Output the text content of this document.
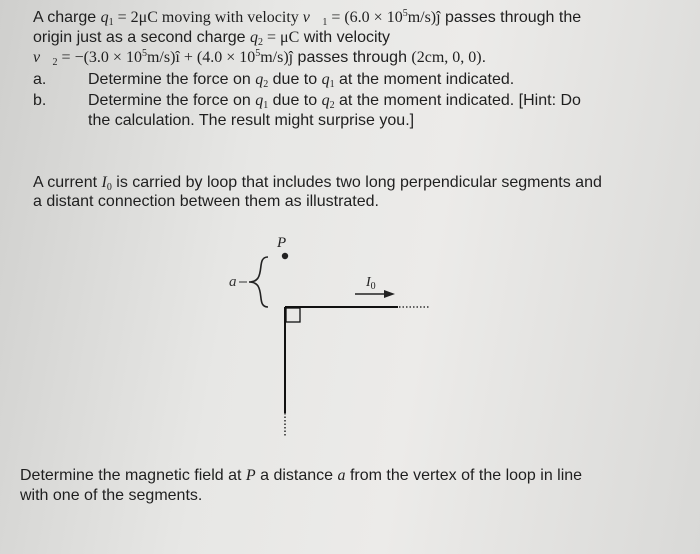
A charge $q_1 = 2\mu C$ moving with velocity $v⃗_1 = (6.0$ × $10^5m/s)ĵ$ passes through the
origin just as a second charge $q_2 = \mu C$ with velocity
$v⃗_2 = -(3.0$ × $10^5m/s)î + (4.0$ × $10^5m/s)ĵ$ passes through (2cm, 0, 0).
a.	Determine the force on $q_2$ due to $q_1$ at the moment indicated.
b.	Determine the force on $q_1$ due to $q_2$ at the moment indicated. [Hint: Do
the calculation. The result might surprise you.]
A current $I_0$ is carried by loop that includes two long perpendicular segments and
a distant connection between them as illustrated.
P
a	$I_0$
Determine the magnetic field at P a distance a from the vertex of the loop in line
with one of the segments.
